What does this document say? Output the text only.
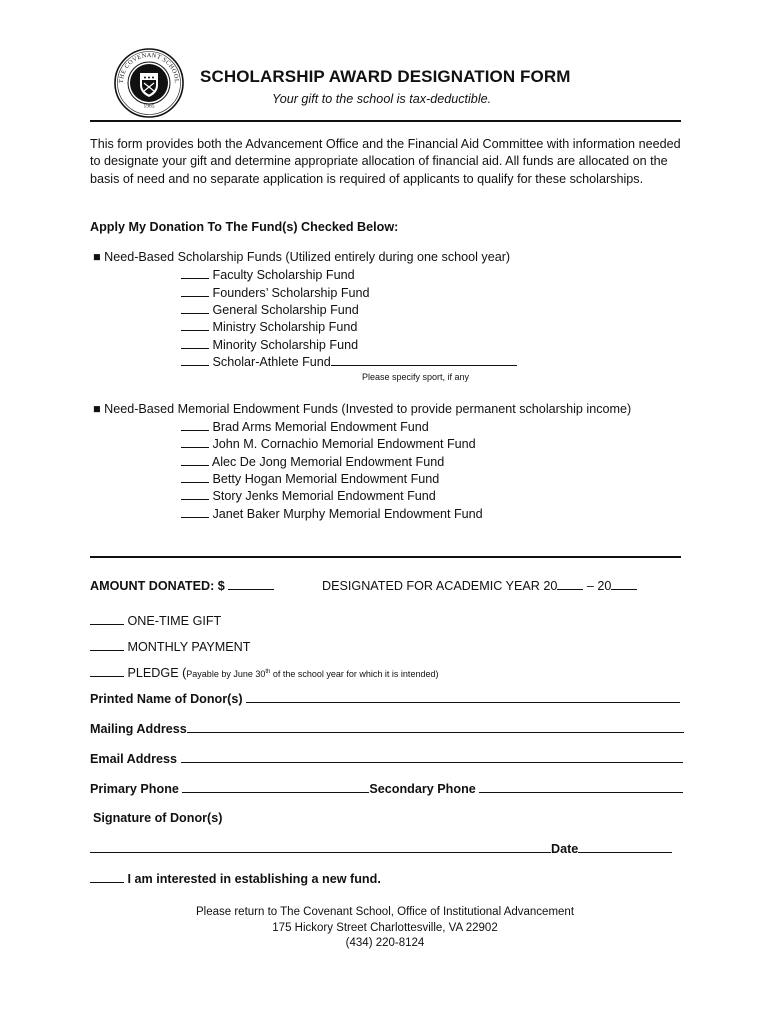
THE COVENANT SCHOOL
1985
SCHOLARSHIP AWARD DESIGNATION FORM
Your gift to the school is tax-deductible.
This form provides both the Advancement Office and the Financial Aid Committee with information needed to designate your gift and determine appropriate allocation of financial aid. All funds are allocated on the basis of need and no separate application is required of applicants to qualify for these scholarships.
Apply My Donation To The Fund(s) Checked Below:
■ Need-Based Scholarship Funds (Utilized entirely during one school year)
Faculty Scholarship Fund
Founders’ Scholarship Fund
General Scholarship Fund
Ministry Scholarship Fund
Minority Scholarship Fund
Scholar-Athlete Fund
Please specify sport, if any
■ Need-Based Memorial Endowment Funds (Invested to provide permanent scholarship income)
Brad Arms Memorial Endowment Fund
John M. Cornachio Memorial Endowment Fund
Alec De Jong Memorial Endowment Fund
Betty Hogan Memorial Endowment Fund
Story Jenks Memorial Endowment Fund
Janet Baker Murphy Memorial Endowment Fund
AMOUNT DONATED: $	DESIGNATED FOR ACADEMIC YEAR 20 – 20
ONE-TIME GIFT
MONTHLY PAYMENT
PLEDGE (Payable by June 30th of the school year for which it is intended)
Printed Name of Donor(s)
Mailing Address
Email Address
Primary Phone	Secondary Phone
Signature of Donor(s)
Date
I am interested in establishing a new fund.
Please return to The Covenant School, Office of Institutional Advancement
175 Hickory Street Charlottesville, VA 22902
(434) 220-8124
